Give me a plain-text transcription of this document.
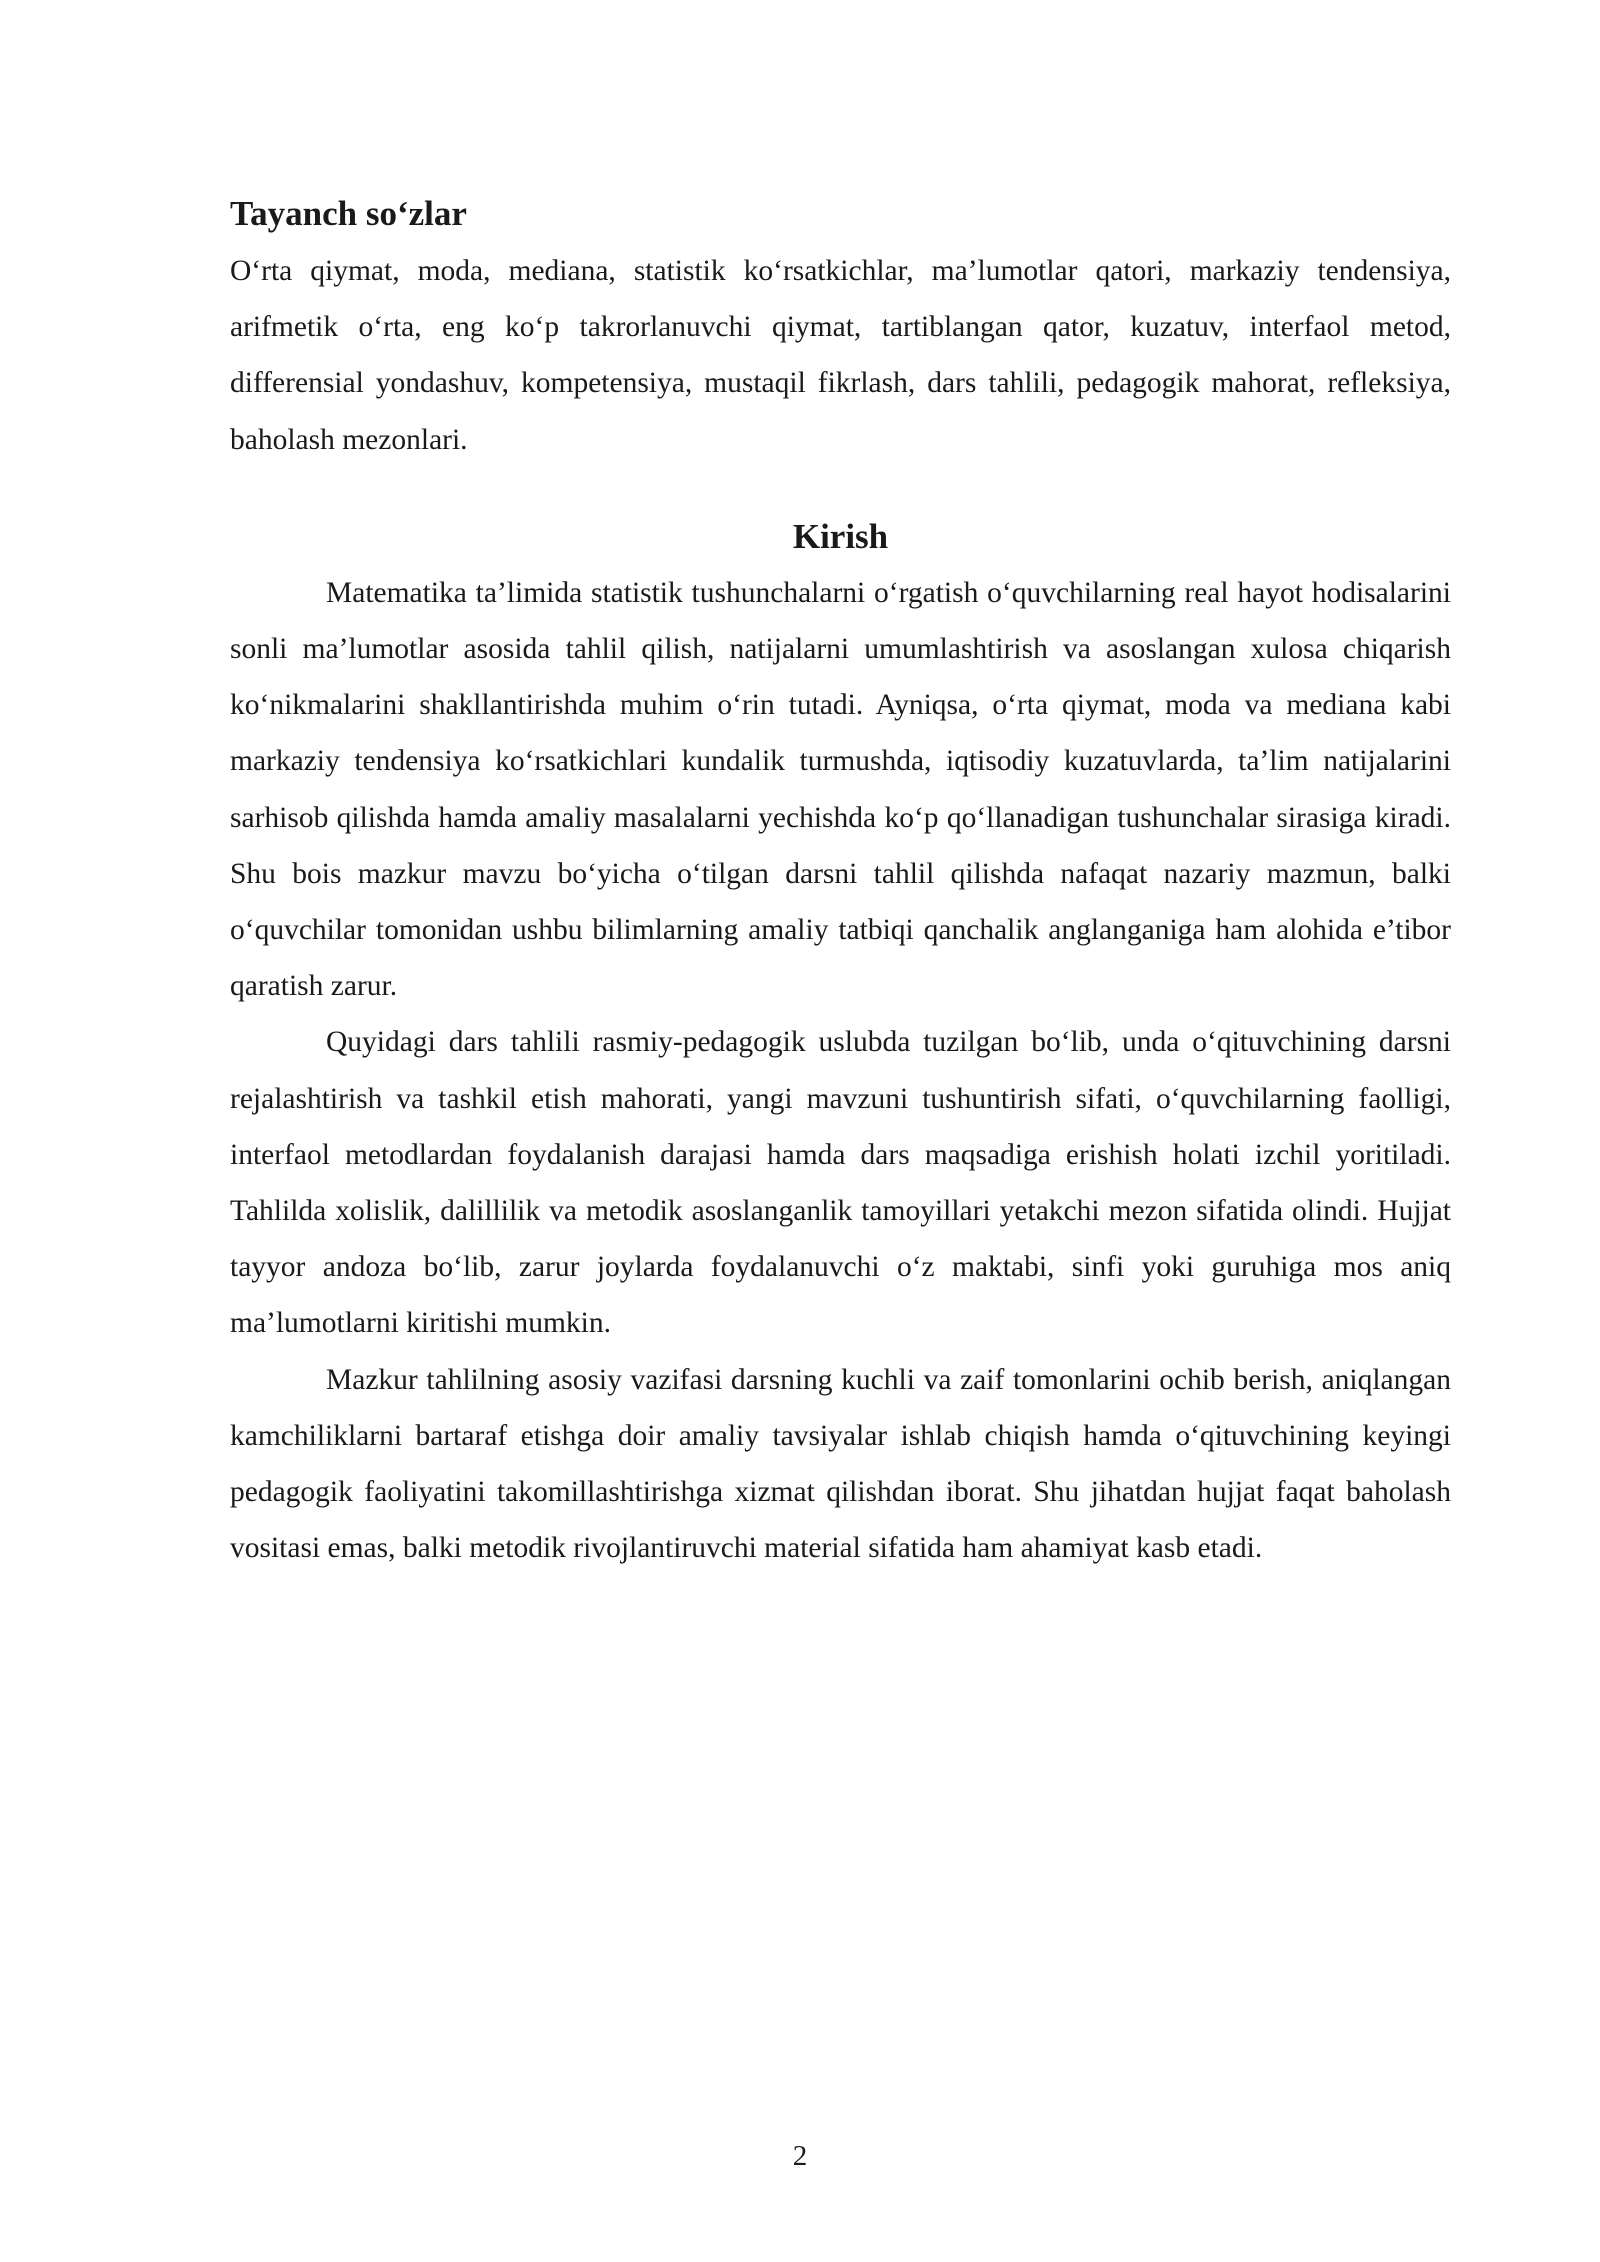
Tayanch so‘zlar

O‘rta qiymat, moda, mediana, statistik ko‘rsatkichlar, ma’lumotlar qatori, markaziy tendensiya, arifmetik o‘rta, eng ko‘p takrorlanuvchi qiymat, tartiblangan qator, kuzatuv, interfaol metod, differensial yondashuv, kompetensiya, mustaqil fikrlash, dars tahlili, pedagogik mahorat, refleksiya, baholash mezonlari.

Kirish

Matematika ta’limida statistik tushunchalarni o‘rgatish o‘quvchilarning real hayot hodisalarini sonli ma’lumotlar asosida tahlil qilish, natijalarni umumlashtirish va asoslangan xulosa chiqarish ko‘nikmalarini shakllantirishda muhim o‘rin tutadi. Ayniqsa, o‘rta qiymat, moda va mediana kabi markaziy tendensiya ko‘rsatkichlari kundalik turmushda, iqtisodiy kuzatuvlarda, ta’lim natijalarini sarhisob qilishda hamda amaliy masalalarni yechishda ko‘p qo‘llanadigan tushunchalar sirasiga kiradi. Shu bois mazkur mavzu bo‘yicha o‘tilgan darsni tahlil qilishda nafaqat nazariy mazmun, balki o‘quvchilar tomonidan ushbu bilimlarning amaliy tatbiqi qanchalik anglanganiga ham alohida e’tibor qaratish zarur.

Quyidagi dars tahlili rasmiy-pedagogik uslubda tuzilgan bo‘lib, unda o‘qituvchining darsni rejalashtirish va tashkil etish mahorati, yangi mavzuni tushuntirish sifati, o‘quvchilarning faolligi, interfaol metodlardan foydalanish darajasi hamda dars maqsadiga erishish holati izchil yoritiladi. Tahlilda xolislik, dalillilik va metodik asoslanganlik tamoyillari yetakchi mezon sifatida olindi. Hujjat tayyor andoza bo‘lib, zarur joylarda foydalanuvchi o‘z maktabi, sinfi yoki guruhiga mos aniq ma’lumotlarni kiritishi mumkin.

Mazkur tahlilning asosiy vazifasi darsning kuchli va zaif tomonlarini ochib berish, aniqlangan kamchiliklarni bartaraf etishga doir amaliy tavsiyalar ishlab chiqish hamda o‘qituvchining keyingi pedagogik faoliyatini takomillashtirishga xizmat qilishdan iborat. Shu jihatdan hujjat faqat baholash vositasi emas, balki metodik rivojlantiruvchi material sifatida ham ahamiyat kasb etadi.

2
